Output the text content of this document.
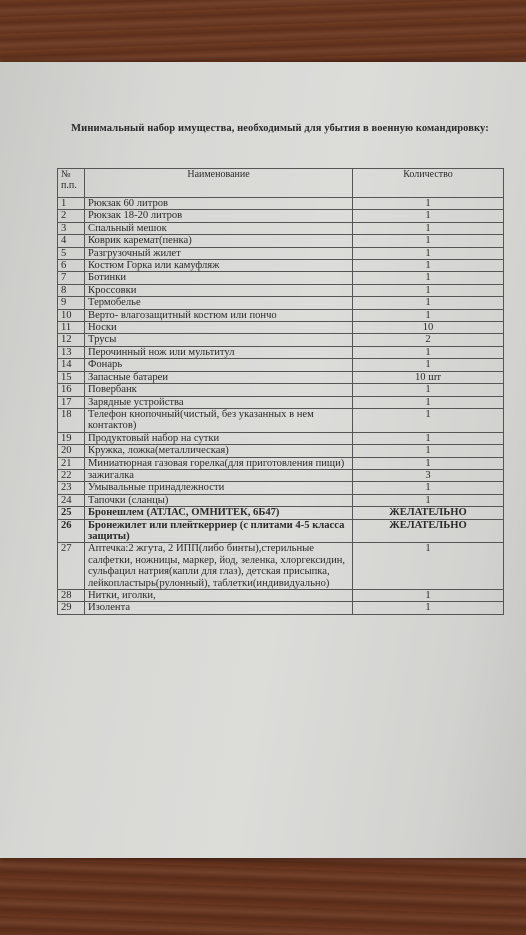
Минимальный набор имущества, необходимый для убытия в военную командировку:
№ п.п.	Наименование	Количество
1	Рюкзак 60 литров	1
2	Рюкзак 18-20 литров	1
3	Спальный мешок	1
4	Коврик каремат(пенка)	1
5	Разгрузочный жилет	1
6	Костюм Горка или камуфляж	1
7	Ботинки	1
8	Кроссовки	1
9	Термобелье	1
10	Верто- влагозащитный костюм или пончо	1
11	Носки	10
12	Трусы	2
13	Перочинный нож или мультитул	1
14	Фонарь	1
15	Запасные батареи	10 шт
16	Повербанк	1
17	Зарядные устройства	1
18	Телефон кнопочный(чистый, без указанных в нем контактов)	1
19	Продуктовый набор на сутки	1
20	Кружка, ложка(металлическая)	1
21	Миниатюрная газовая горелка(для приготовления пищи)	1
22	зажигалка	3
23	Умывальные принадлежности	1
24	Тапочки (сланцы)	1
25	Бронешлем (АТЛАС, ОМНИТЕК, 6Б47)	ЖЕЛАТЕЛЬНО
26	Бронежилет или плейткерриер (с плитами 4-5 класса защиты)	ЖЕЛАТЕЛЬНО
27	Аптечка:2 жгута, 2 ИПП(либо бинты),стерильные салфетки, ножницы, маркер, йод, зеленка, хлоргексидин, сульфацил натрия(капли для глаз), детская присыпка, лейкопластырь(рулонный), таблетки(индивидуально)	1
28	Нитки, иголки,	1
29	Изолента	1
